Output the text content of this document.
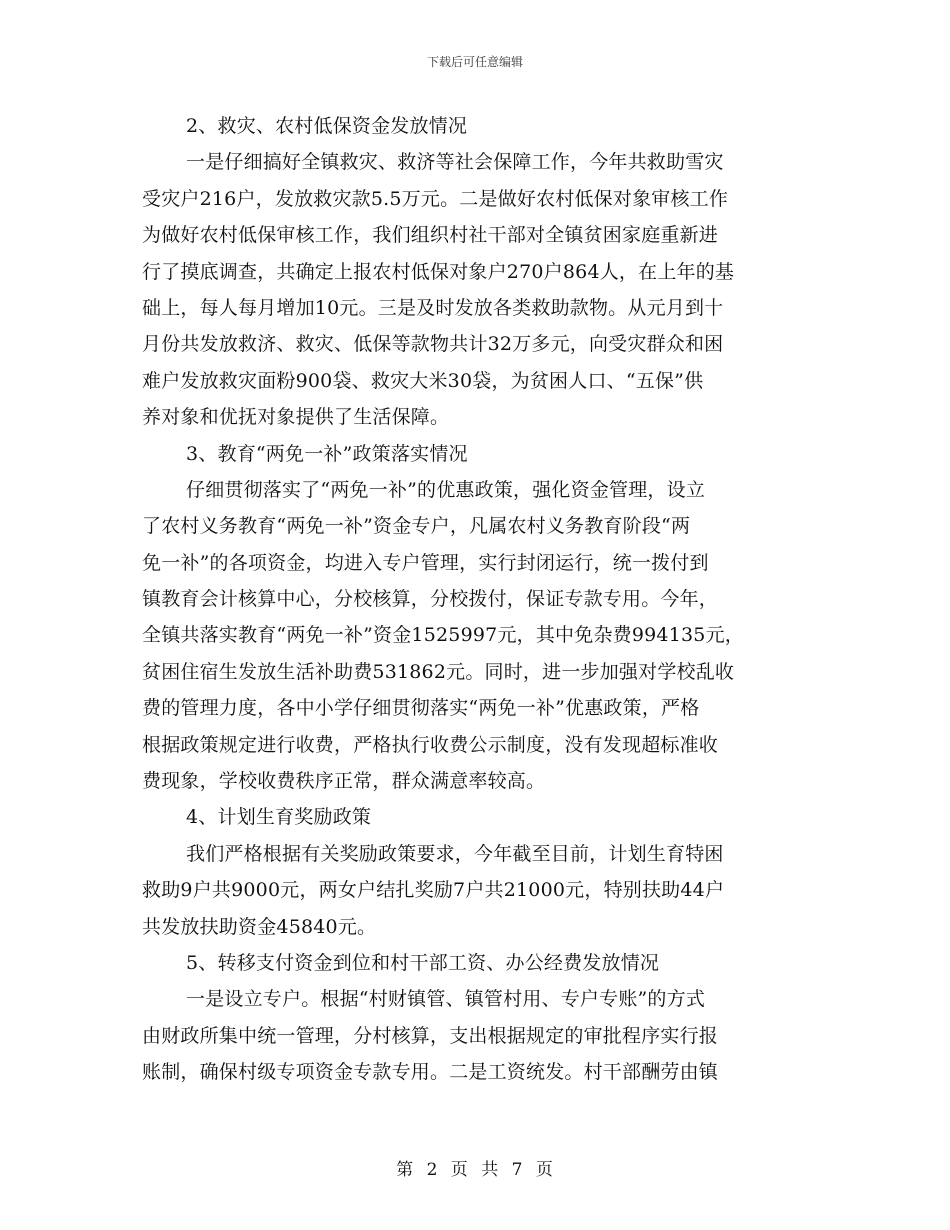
下载后可任意编辑
2、救灾、农村低保资金发放情况
一是仔细搞好全镇救灾、救济等社会保障工作，今年共救助雪灾
受灾户216户，发放救灾款5.5万元。二是做好农村低保对象审核工作
为做好农村低保审核工作，我们组织村社干部对全镇贫困家庭重新进
行了摸底调查，共确定上报农村低保对象户270户864人，在上年的基
础上，每人每月增加10元。三是及时发放各类救助款物。从元月到十
月份共发放救济、救灾、低保等款物共计32万多元，向受灾群众和困
难户发放救灾面粉900袋、救灾大米30袋，为贫困人口、“五保”供
养对象和优抚对象提供了生活保障。
3、教育“两免一补”政策落实情况
仔细贯彻落实了“两免一补”的优惠政策，强化资金管理，设立
了农村义务教育“两免一补”资金专户，凡属农村义务教育阶段“两
免一补”的各项资金，均进入专户管理，实行封闭运行，统一拨付到
镇教育会计核算中心，分校核算，分校拨付，保证专款专用。今年，
全镇共落实教育“两免一补”资金1525997元，其中免杂费994135元，
贫困住宿生发放生活补助费531862元。同时，进一步加强对学校乱收
费的管理力度，各中小学仔细贯彻落实“两免一补”优惠政策，严格
根据政策规定进行收费，严格执行收费公示制度，没有发现超标准收
费现象，学校收费秩序正常，群众满意率较高。
4、计划生育奖励政策
我们严格根据有关奖励政策要求，今年截至目前，计划生育特困
救助9户共9000元，两女户结扎奖励7户共21000元，特别扶助44户
共发放扶助资金45840元。
5、转移支付资金到位和村干部工资、办公经费发放情况
一是设立专户。根据“村财镇管、镇管村用、专户专账”的方式
由财政所集中统一管理，分村核算，支出根据规定的审批程序实行报
账制，确保村级专项资金专款专用。二是工资统发。村干部酬劳由镇
第 2 页 共 7 页
